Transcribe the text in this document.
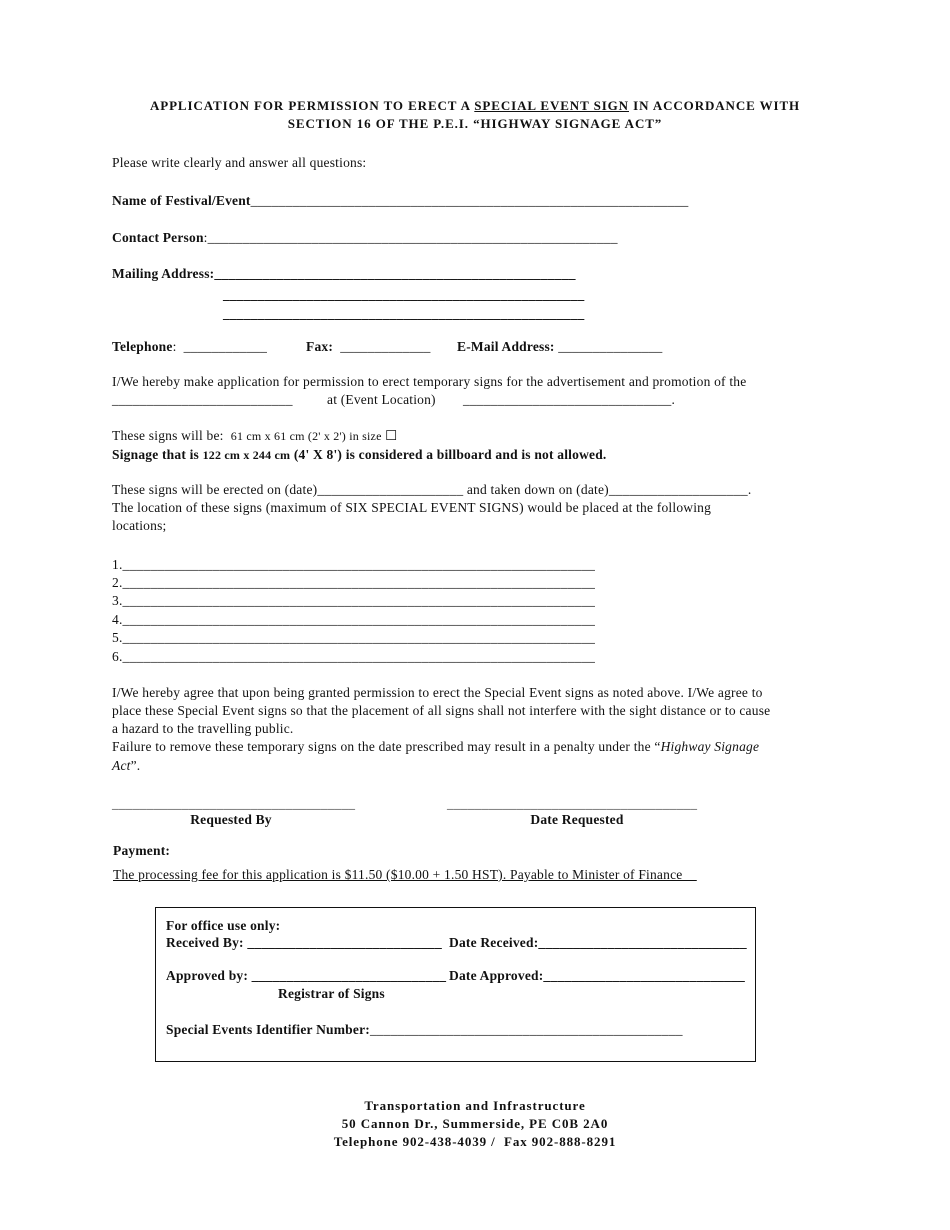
APPLICATION FOR PERMISSION TO ERECT A SPECIAL EVENT SIGN IN ACCORDANCE WITH
SECTION 16 OF THE P.E.I. “HIGHWAY SIGNAGE ACT”
Please write clearly and answer all questions:
Name of Festival/Event_______________________________________________________________
Contact Person:___________________________________________________________
Mailing Address:____________________________________________________
____________________________________________________
____________________________________________________
Telephone:  ____________	Fax:  _____________ E-Mail Address: _______________
I/We hereby make application for permission to erect temporary signs for the advertisement and promotion of the
__________________________	at (Event Location) ______________________________.
These signs will be:  61 cm x 61 cm (2' x 2') in size ☐
Signage that is 122 cm x 244 cm (4' X 8') is considered a billboard and is not allowed.
These signs will be erected on (date)_____________________ and taken down on (date)____________________.
The location of these signs (maximum of SIX SPECIAL EVENT SIGNS) would be placed at the following
locations;
1.____________________________________________________________________
2.____________________________________________________________________
3.____________________________________________________________________
4.____________________________________________________________________
5.____________________________________________________________________
6.____________________________________________________________________
I/We hereby agree that upon being granted permission to erect the Special Event signs as noted above. I/We agree to
place these Special Event signs so that the placement of all signs shall not interfere with the sight distance or to cause
a hazard to the travelling public.
Failure to remove these temporary signs on the date prescribed may result in a penalty under the “Highway Signage
Act”.
___________________________________	____________________________________
Requested By	Date Requested
Payment:
The processing fee for this application is $11.50 ($10.00 + 1.50 HST). Payable to Minister of Finance
For office use only:
Received By: ____________________________ Date Received:______________________________
Approved by: ____________________________ Date Approved:_____________________________
Registrar of Signs
Special Events Identifier Number:_____________________________________________
Transportation and Infrastructure
50 Cannon Dr., Summerside, PE C0B 2A0
Telephone 902-438-4039 /  Fax 902-888-8291
